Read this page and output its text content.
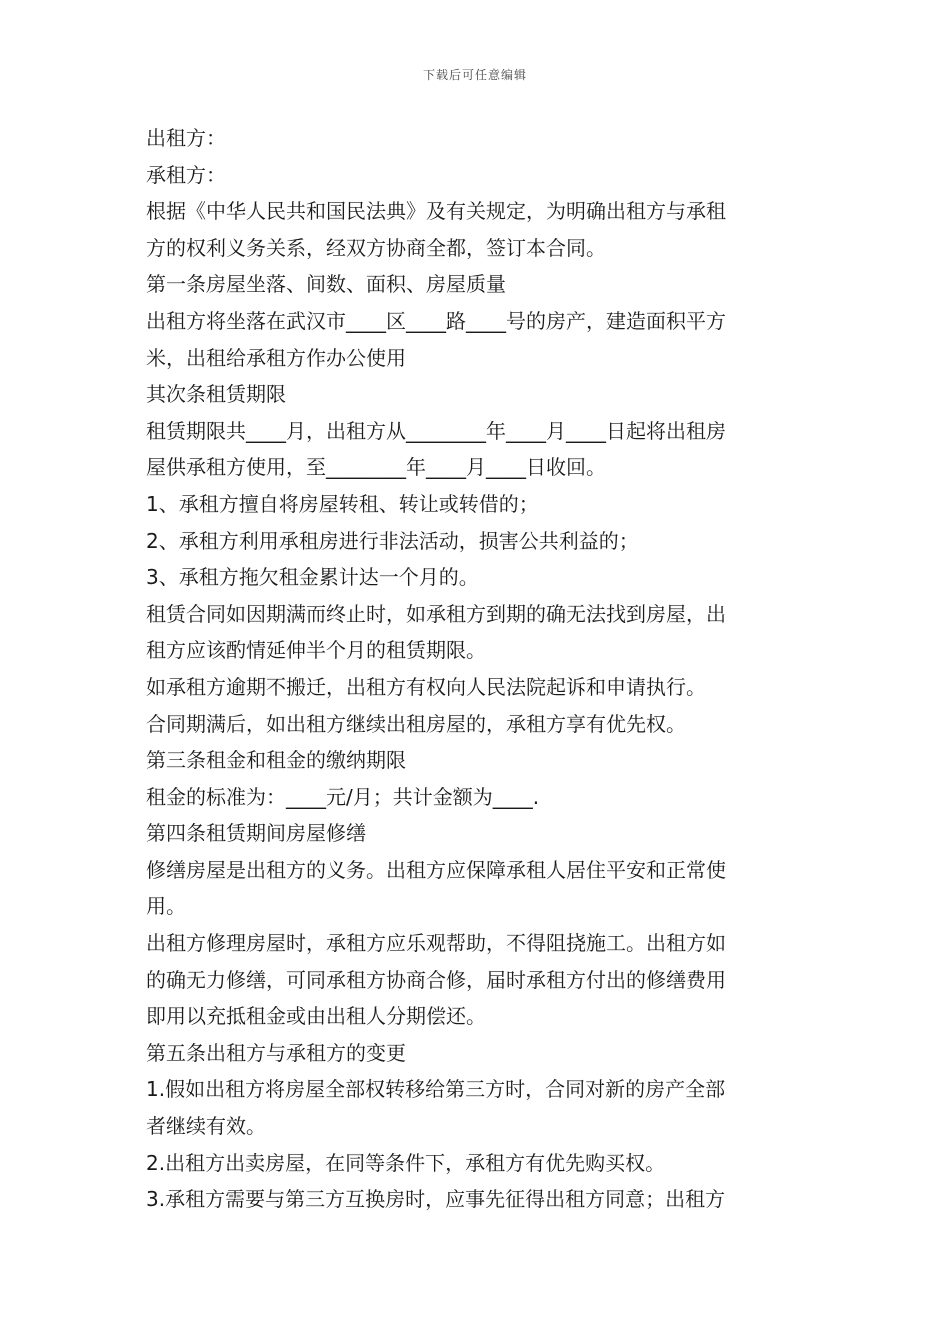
下载后可任意编辑
出租方：
承租方：
根据《中华人民共和国民法典》及有关规定，为明确出租方与承租
方的权利义务关系，经双方协商全都，签订本合同。
第一条房屋坐落、间数、面积、房屋质量
出租方将坐落在武汉市____区____路____号的房产，建造面积平方
米，出租给承租方作办公使用
其次条租赁期限
租赁期限共____月，出租方从________年____月____日起将出租房
屋供承租方使用，至________年____月____日收回。
1、承租方擅自将房屋转租、转让或转借的；
2、承租方利用承租房进行非法活动，损害公共利益的；
3、承租方拖欠租金累计达一个月的。
租赁合同如因期满而终止时，如承租方到期的确无法找到房屋，出
租方应该酌情延伸半个月的租赁期限。
如承租方逾期不搬迁，出租方有权向人民法院起诉和申请执行。
合同期满后，如出租方继续出租房屋的，承租方享有优先权。
第三条租金和租金的缴纳期限
租金的标准为：____元/月；共计金额为____.
第四条租赁期间房屋修缮
修缮房屋是出租方的义务。出租方应保障承租人居住平安和正常使
用。
出租方修理房屋时，承租方应乐观帮助，不得阻挠施工。出租方如
的确无力修缮，可同承租方协商合修，届时承租方付出的修缮费用
即用以充抵租金或由出租人分期偿还。
第五条出租方与承租方的变更
1.假如出租方将房屋全部权转移给第三方时，合同对新的房产全部
者继续有效。
2.出租方出卖房屋，在同等条件下，承租方有优先购买权。
3.承租方需要与第三方互换房时，应事先征得出租方同意；出租方
